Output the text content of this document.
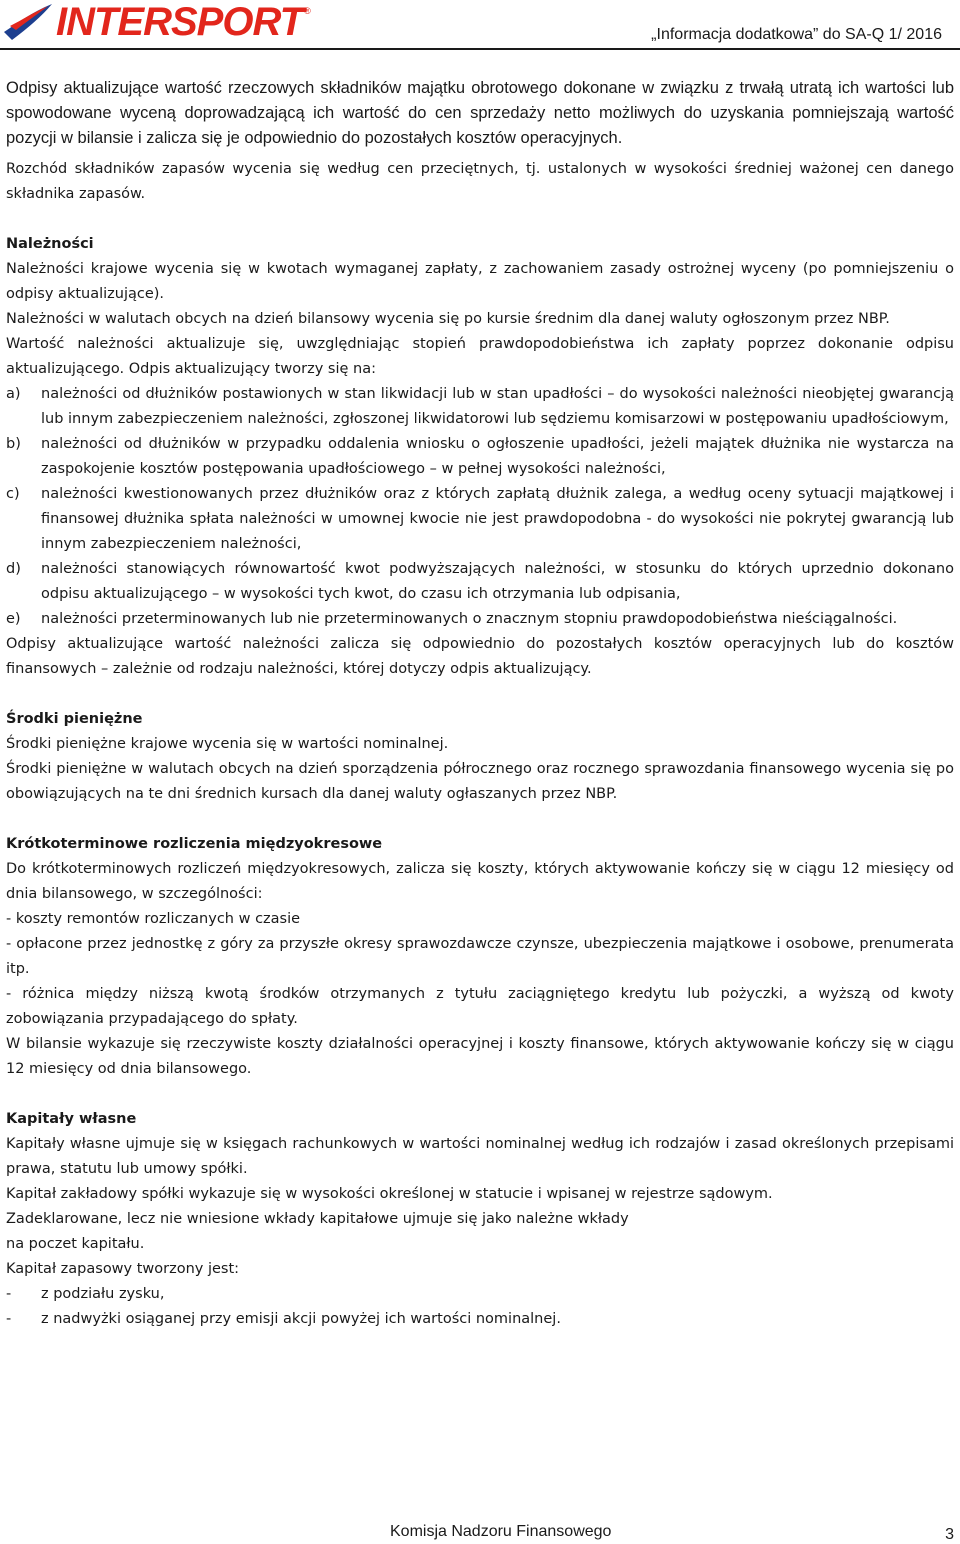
INTERSPORT ®
„Informacja dodatkowa” do SA-Q 1/ 2016

Odpisy aktualizujące wartość rzeczowych składników majątku obrotowego dokonane w związku z trwałą utratą ich wartości lub spowodowane wyceną doprowadzającą ich wartość do cen sprzedaży netto możliwych do uzyskania pomniejszają wartość pozycji w bilansie i zalicza się je odpowiednio do pozostałych kosztów operacyjnych.

Rozchód składników zapasów wycenia się według cen przeciętnych, tj. ustalonych w wysokości średniej ważonej cen danego składnika zapasów.

Należności

Należności krajowe wycenia się w kwotach wymaganej zapłaty, z zachowaniem zasady ostrożnej wyceny (po pomniejszeniu o odpisy aktualizujące).

Należności w walutach obcych na dzień bilansowy wycenia się po kursie średnim dla danej waluty ogłoszonym przez NBP.

Wartość należności aktualizuje się, uwzględniając stopień prawdopodobieństwa ich zapłaty poprzez dokonanie odpisu aktualizującego. Odpis aktualizujący tworzy się na:

a)	należności od dłużników postawionych w stan likwidacji lub w stan upadłości – do wysokości należności nieobjętej gwarancją lub innym zabezpieczeniem należności, zgłoszonej likwidatorowi lub sędziemu komisarzowi w postępowaniu upadłościowym,
b)	należności od dłużników w przypadku oddalenia wniosku o ogłoszenie upadłości, jeżeli majątek dłużnika nie wystarcza na zaspokojenie kosztów postępowania upadłościowego – w pełnej wysokości należności,
c)	należności kwestionowanych przez dłużników oraz z których zapłatą dłużnik zalega, a według oceny sytuacji majątkowej i finansowej dłużnika spłata należności w umownej kwocie nie jest prawdopodobna - do wysokości nie pokrytej gwarancją lub innym zabezpieczeniem należności,
d)	należności stanowiących równowartość kwot podwyższających należności, w stosunku do których uprzednio dokonano odpisu aktualizującego – w wysokości tych kwot, do czasu ich otrzymania lub odpisania,
e)	należności przeterminowanych lub nie przeterminowanych o znacznym stopniu prawdopodobieństwa nieściągalności.

Odpisy aktualizujące wartość należności zalicza się odpowiednio do pozostałych kosztów operacyjnych lub do kosztów finansowych – zależnie od rodzaju należności, której dotyczy odpis aktualizujący.

Środki pieniężne

Środki pieniężne krajowe wycenia się w wartości nominalnej.

Środki pieniężne w walutach obcych na dzień sporządzenia półrocznego oraz rocznego sprawozdania finansowego wycenia się po obowiązujących na te dni średnich kursach dla danej waluty ogłaszanych przez NBP.

Krótkoterminowe rozliczenia międzyokresowe

Do krótkoterminowych rozliczeń międzyokresowych, zalicza się koszty, których aktywowanie kończy się w ciągu 12 miesięcy od dnia bilansowego, w szczególności:

- koszty remontów rozliczanych w czasie

- opłacone przez jednostkę z góry za przyszłe okresy sprawozdawcze czynsze, ubezpieczenia majątkowe i osobowe, prenumerata itp.

- różnica między niższą kwotą środków otrzymanych z tytułu zaciągniętego kredytu lub pożyczki, a wyższą od kwoty zobowiązania przypadającego do spłaty.

W bilansie wykazuje się rzeczywiste koszty działalności operacyjnej i koszty finansowe, których aktywowanie kończy się w ciągu 12 miesięcy od dnia bilansowego.

Kapitały własne

Kapitały własne ujmuje się w księgach rachunkowych w wartości nominalnej według ich rodzajów i zasad określonych przepisami prawa, statutu lub umowy spółki.

Kapitał zakładowy spółki wykazuje się w wysokości określonej w statucie i wpisanej w rejestrze sądowym.

Zadeklarowane, lecz nie wniesione wkłady kapitałowe ujmuje się jako należne wkłady

na poczet kapitału.

Kapitał zapasowy tworzony jest:

-	z podziału zysku,
-	z nadwyżki osiąganej przy emisji akcji powyżej ich wartości nominalnej.
Komisja Nadzoru Finansowego	3
